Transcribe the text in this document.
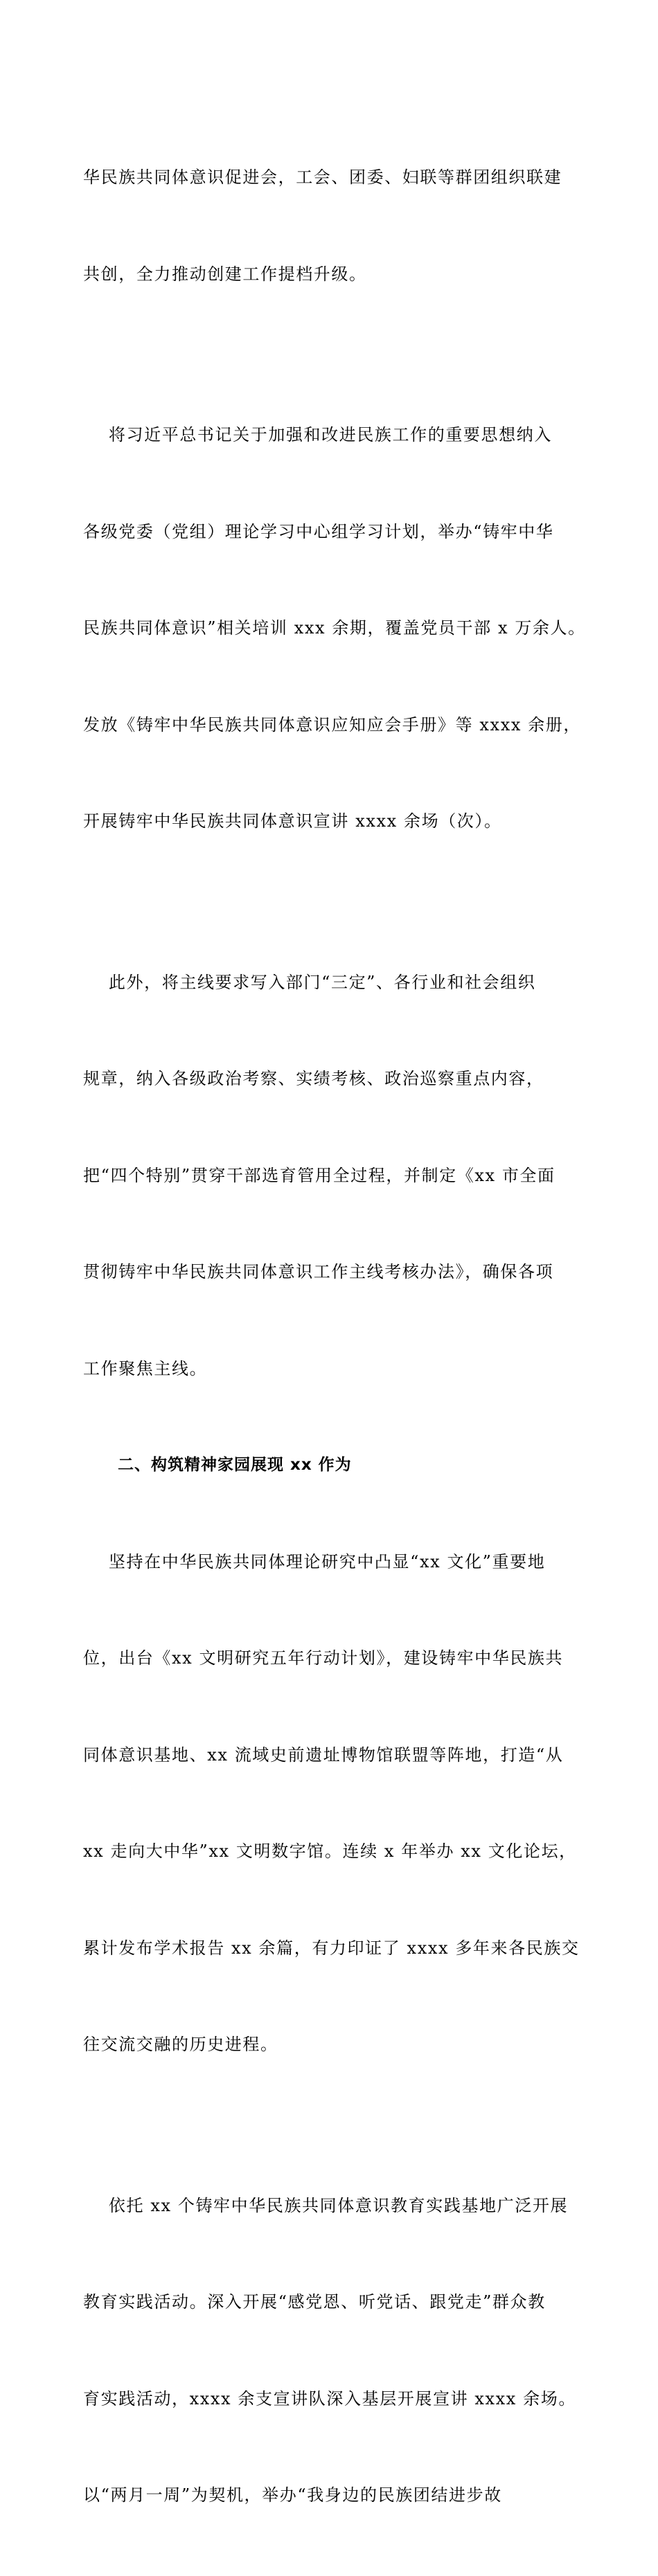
华民族共同体意识促进会，工会、团委、妇联等群团组织联建

共创，全力推动创建工作提档升级。

将习近平总书记关于加强和改进民族工作的重要思想纳入

各级党委（党组）理论学习中心组学习计划，举办“铸牢中华

民族共同体意识”相关培训 xxx 余期，覆盖党员干部 x 万余人。

发放《铸牢中华民族共同体意识应知应会手册》等 xxxx 余册，

开展铸牢中华民族共同体意识宣讲 xxxx 余场（次）。

此外，将主线要求写入部门“三定”、各行业和社会组织

规章，纳入各级政治考察、实绩考核、政治巡察重点内容，

把“四个特别”贯穿干部选育管用全过程，并制定《xx 市全面

贯彻铸牢中华民族共同体意识工作主线考核办法》，确保各项

工作聚焦主线。

二、构筑精神家园展现 xx 作为

坚持在中华民族共同体理论研究中凸显“xx 文化”重要地

位，出台《xx 文明研究五年行动计划》，建设铸牢中华民族共

同体意识基地、xx 流域史前遗址博物馆联盟等阵地，打造“从

xx 走向大中华”xx 文明数字馆。连续 x 年举办 xx 文化论坛，

累计发布学术报告 xx 余篇，有力印证了 xxxx 多年来各民族交

往交流交融的历史进程。

依托 xx 个铸牢中华民族共同体意识教育实践基地广泛开展

教育实践活动。深入开展“感党恩、听党话、跟党走”群众教

育实践活动，xxxx 余支宣讲队深入基层开展宣讲 xxxx 余场。

以“两月一周”为契机，举办“我身边的民族团结进步故
